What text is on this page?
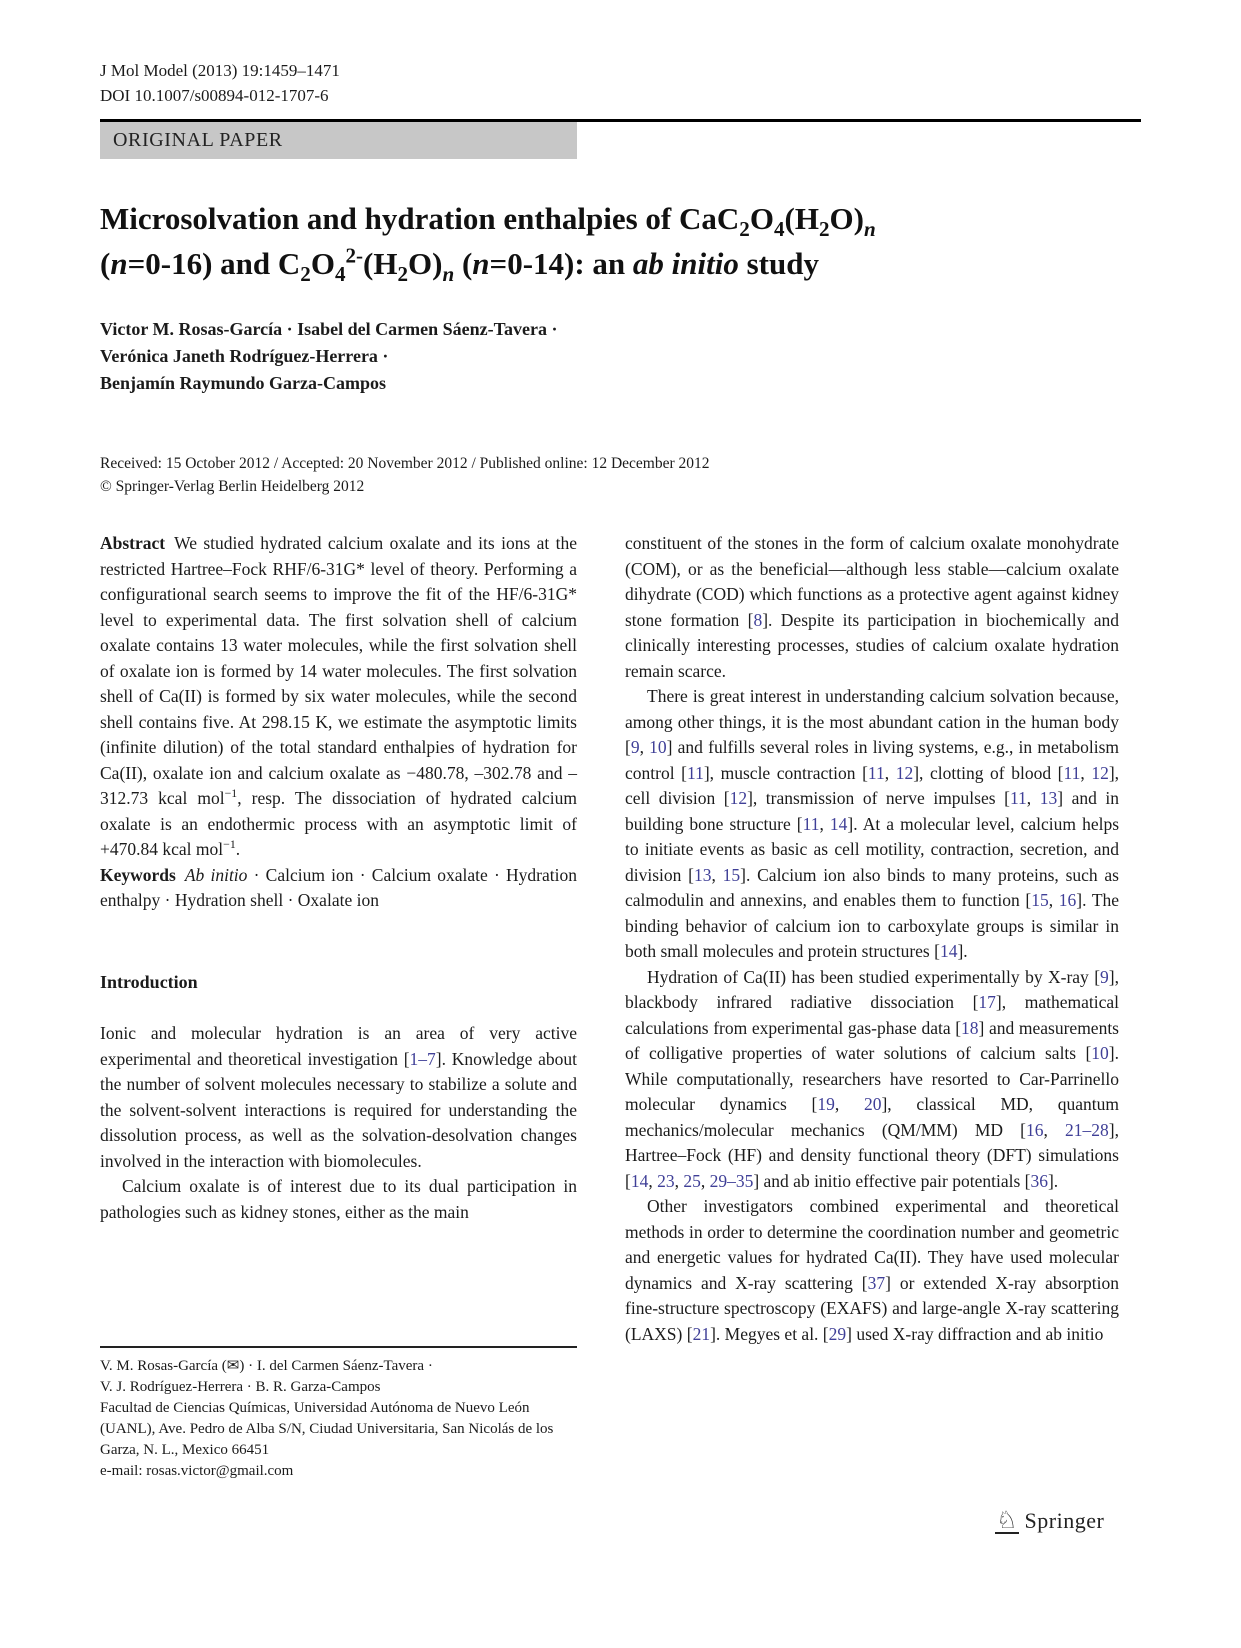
J Mol Model (2013) 19:1459–1471
DOI 10.1007/s00894-012-1707-6
ORIGINAL PAPER
Microsolvation and hydration enthalpies of $CaC_2O_4(H_2O)_n$
(n=0-16) and $C_2O_4^{2-}(H_2O)_n$ (n=0-14): an ab initio study
Victor M. Rosas-García · Isabel del Carmen Sáenz-Tavera ·
Verónica Janeth Rodríguez-Herrera ·
Benjamín Raymundo Garza-Campos
Received: 15 October 2012 / Accepted: 20 November 2012 / Published online: 12 December 2012
© Springer-Verlag Berlin Heidelberg 2012

Abstract We studied hydrated calcium oxalate and its ions at the restricted Hartree–Fock RHF/6-31G* level of theory. Performing a configurational search seems to improve the fit of the HF/6-31G* level to experimental data. The first solvation shell of calcium oxalate contains 13 water molecules, while the first solvation shell of oxalate ion is formed by 14 water molecules. The first solvation shell of Ca(II) is formed by six water molecules, while the second shell contains five. At 298.15 K, we estimate the asymptotic limits (infinite dilution) of the total standard enthalpies of hydration for Ca(II), oxalate ion and calcium oxalate as −480.78, –302.78 and –312.73 kcal mol$^{-1}$, resp. The dissociation of hydrated calcium oxalate is an endothermic process with an asymptotic limit of +470.84 kcal mol$^{-1}$.

Keywords Ab initio · Calcium ion · Calcium oxalate · Hydration enthalpy · Hydration shell · Oxalate ion

Introduction

Ionic and molecular hydration is an area of very active experimental and theoretical investigation [1–7]. Knowledge about the number of solvent molecules necessary to stabilize a solute and the solvent-solvent interactions is required for understanding the dissolution process, as well as the solvation-desolvation changes involved in the interaction with biomolecules.

Calcium oxalate is of interest due to its dual participation in pathologies such as kidney stones, either as the main

constituent of the stones in the form of calcium oxalate monohydrate (COM), or as the beneficial—although less stable—calcium oxalate dihydrate (COD) which functions as a protective agent against kidney stone formation [8]. Despite its participation in biochemically and clinically interesting processes, studies of calcium oxalate hydration remain scarce.

There is great interest in understanding calcium solvation because, among other things, it is the most abundant cation in the human body [9, 10] and fulfills several roles in living systems, e.g., in metabolism control [11], muscle contraction [11, 12], clotting of blood [11, 12], cell division [12], transmission of nerve impulses [11, 13] and in building bone structure [11, 14]. At a molecular level, calcium helps to initiate events as basic as cell motility, contraction, secretion, and division [13, 15]. Calcium ion also binds to many proteins, such as calmodulin and annexins, and enables them to function [15, 16]. The binding behavior of calcium ion to carboxylate groups is similar in both small molecules and protein structures [14].

Hydration of Ca(II) has been studied experimentally by X-ray [9], blackbody infrared radiative dissociation [17], mathematical calculations from experimental gas-phase data [18] and measurements of colligative properties of water solutions of calcium salts [10]. While computationally, researchers have resorted to Car-Parrinello molecular dynamics [19, 20], classical MD, quantum mechanics/molecular mechanics (QM/MM) MD [16, 21–28], Hartree–Fock (HF) and density functional theory (DFT) simulations [14, 23, 25, 29–35] and ab initio effective pair potentials [36].

Other investigators combined experimental and theoretical methods in order to determine the coordination number and geometric and energetic values for hydrated Ca(II). They have used molecular dynamics and X-ray scattering [37] or extended X-ray absorption fine-structure spectroscopy (EXAFS) and large-angle X-ray scattering (LAXS) [21]. Megyes et al. [29] used X-ray diffraction and ab initio

V. M. Rosas-García (✉) · I. del Carmen Sáenz-Tavera ·

V. J. Rodríguez-Herrera · B. R. Garza-Campos

Facultad de Ciencias Químicas, Universidad Autónoma de Nuevo León (UANL), Ave. Pedro de Alba S/N, Ciudad Universitaria, San Nicolás de los Garza, N. L., Mexico 66451

e-mail: rosas.victor@gmail.com

♘ Springer
